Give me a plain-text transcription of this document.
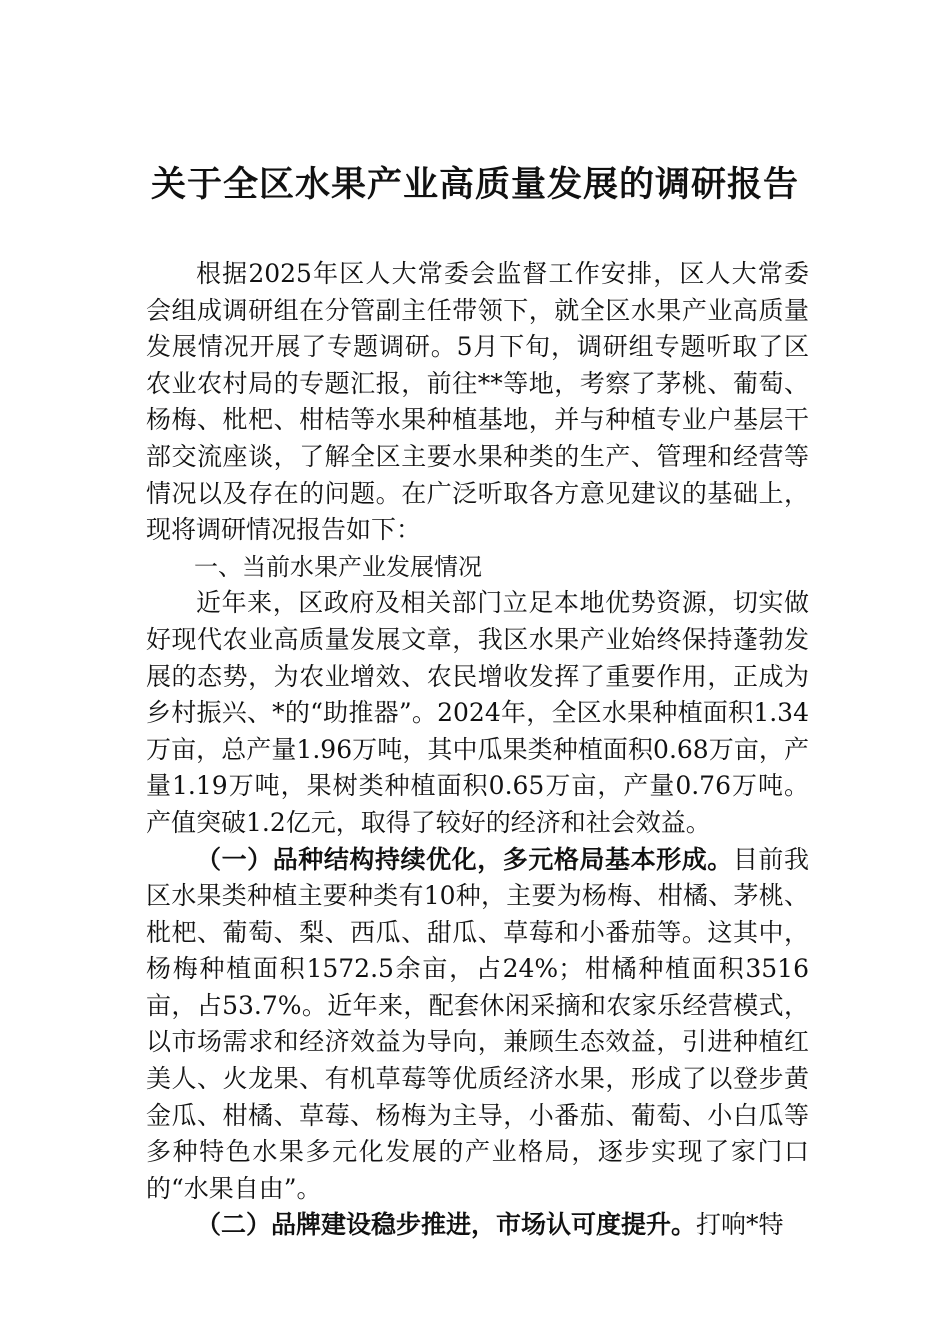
关于全区水果产业高质量发展的调研报告

根据2025年区人大常委会监督工作安排，区人大常委会组成调研组在分管副主任带领下，就全区水果产业高质量发展情况开展了专题调研。5月下旬，调研组专题听取了区农业农村局的专题汇报，前往**等地，考察了茅桃、葡萄、杨梅、枇杷、柑桔等水果种植基地，并与种植专业户基层干部交流座谈，了解全区主要水果种类的生产、管理和经营等情况以及存在的问题。在广泛听取各方意见建议的基础上，现将调研情况报告如下：

一、当前水果产业发展情况

近年来，区政府及相关部门立足本地优势资源，切实做好现代农业高质量发展文章，我区水果产业始终保持蓬勃发展的态势，为农业增效、农民增收发挥了重要作用，正成为乡村振兴、*的“助推器”。2024年，全区水果种植面积1.34万亩，总产量1.96万吨，其中瓜果类种植面积0.68万亩，产量1.19万吨，果树类种植面积0.65万亩，产量0.76万吨。产值突破1.2亿元，取得了较好的经济和社会效益。

（一）品种结构持续优化，多元格局基本形成。目前我区水果类种植主要种类有10种，主要为杨梅、柑橘、茅桃、枇杷、葡萄、梨、西瓜、甜瓜、草莓和小番茄等。这其中，杨梅种植面积1572.5余亩，占24%；柑橘种植面积3516亩，占53.7%。近年来，配套休闲采摘和农家乐经营模式，以市场需求和经济效益为导向，兼顾生态效益，引进种植红美人、火龙果、有机草莓等优质经济水果，形成了以登步黄金瓜、柑橘、草莓、杨梅为主导，小番茄、葡萄、小白瓜等多种特色水果多元化发展的产业格局，逐步实现了家门口的“水果自由”。

（二）品牌建设稳步推进，市场认可度提升。打响*特
